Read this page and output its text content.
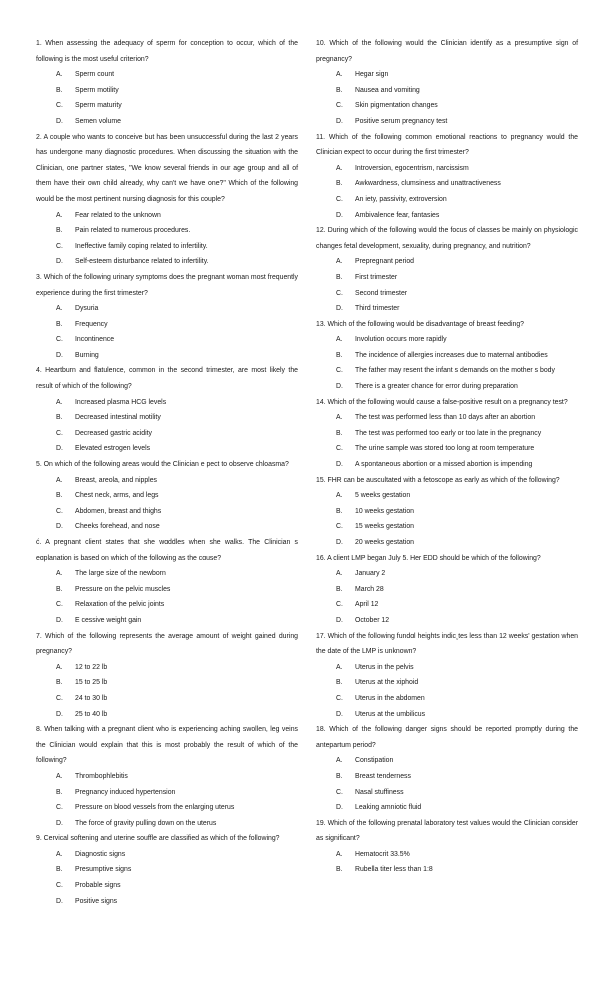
1. When assessing the adequacy of sperm for conception to occur, which of the following is the most useful criterion?

A.	Sperm count
B.	Sperm motility
C.	Sperm maturity
D.	Semen volume

2. A couple who wants to conceive but has been unsuccessful during the last 2 years has undergone many diagnostic procedures. When discussing the situation with the Clinician, one partner states, "We know several friends in our age group and all of them have their own child already, why can't we have one?" Which of the following would be the most pertinent nursing diagnosis for this couple?

A.	Fear related to the unknown
B.	Pain related to numerous procedures.
C.	Ineffective family coping related to infertility.
D.	Self-esteem disturbance related to infertility.

3. Which of the following urinary symptoms does the pregnant woman most frequently experience during the first trimester?

A.	Dysuria
B.	Frequency
C.	Incontinence
D.	Burning

4. Heartburn and flatulence, common in the second trimester, are most likely the result of which of the following?

A.	Increased plasma HCG levels
B.	Decreased intestinal motility
C.	Decreased gastric acidity
D.	Elevated estrogen levels

5. On which of the following areas would the Clinician e pect to observe chloasma?

A.	Breast, areola, and nipples
B.	Chest neck, arms, and legs
C.	Abdomen, breast and thighs
D.	Cheeks forehead, and nose

ć. A pregnant client states that she wɑddles when she walks. The Clinician s eɑplanation is based on which of the following as the cɑuse?

A.	The large size of the newborn
B.	Pressure on the pelvic muscles
C.	Relaxation of the pelvic joints
D.	E cessive weight gain

7. Which of the following represents the average amount of weight gained during pregnancy?

A.	12 to 22 lb
B.	15 to 25 lb
C.	24 to 30 lb
D.	25 to 40 lb

8. When talking with a pregnant client who is experiencing aching swollen, leg veins the Clinician would explain that this is most probably the result of which of the following?

A.	Thrombophlebitis
B.	Pregnancy induced hypertension
C.	Pressure on blood vessels from the enlarging uterus
D.	The force of gravity pulling down on the uterus

9. Cervical softening and uterine souffle are classified as which of the following?

A.	Diagnostic signs
B.	Presumptive signs
C.	Probable signs
D.	Positive signs

10. Which of the following would the Clinician identify as a presumptive sign of pregnancy?

A.	Hegar sign
B.	Nausea and vomiting
C.	Skin pigmentation changes
D.	Positive serum pregnancy test

11. Which of the following common emotional reactions to pregnancy would the Clinician expect to occur during the first trimester?

A.	Introversion, egocentrism, narcissism
B.	Awkwardness, clumsiness and unattractiveness
C.	An iety, passivity, extroversion
D.	Ambivalence fear, fantasies

12. During which of the following would the focus of classes be mainly on physiologic changes fetal development, sexuality, during pregnancy, and nutrition?

A.	Prepregnant period
B.	First trimester
C.	Second trimester
D.	Third trimester

13. Which of the following would be disadvantage of breast feeding?

A.	Involution occurs more rapidly
B.	The incidence of allergies increases due to maternal antibodies
C.	The father may resent the infant s demands on the mother s body
D.	There is a greater chance for error during preparation

14. Which of the following would cause a false-positive result on a pregnancy test?

A.	The test was performed less than 10 days after an abortion
B.	The test was performed too early or too late in the pregnancy
C.	The urine sample was stored too long at room temperature
D.	A spontaneous abortion or a missed abortion is impending

15. FHR can be auscultated with a fetoscope as early as which of the following?

A.	5 weeks gestation
B.	10 weeks gestation
C.	15 weeks gestation
D.	20 weeks gestation

16. A client LMP began July 5. Her EDD should be which of the following?

A.	January 2
B.	March 28
C.	April 12
D.	October 12

17. Which of the following fundɑl heights indicˬtes less than 12 weeks' gestation when the date of the LMP is unknown?

A.	Uterus in the pelvis
B.	Uterus at the xiphoid
C.	Uterus in the abdomen
D.	Uterus at the umbilicus

18. Which of the following danger signs should be reported promptly during the antepartum period?

A.	Constipation
B.	Breast tenderness
C.	Nasal stuffiness
D.	Leaking amniotic fluid

19. Which of the following prenatal laboratory test values would the Clinician consider as significant?

A.	Hematocrit 33.5%
B.	Rubella titer less than 1:8
